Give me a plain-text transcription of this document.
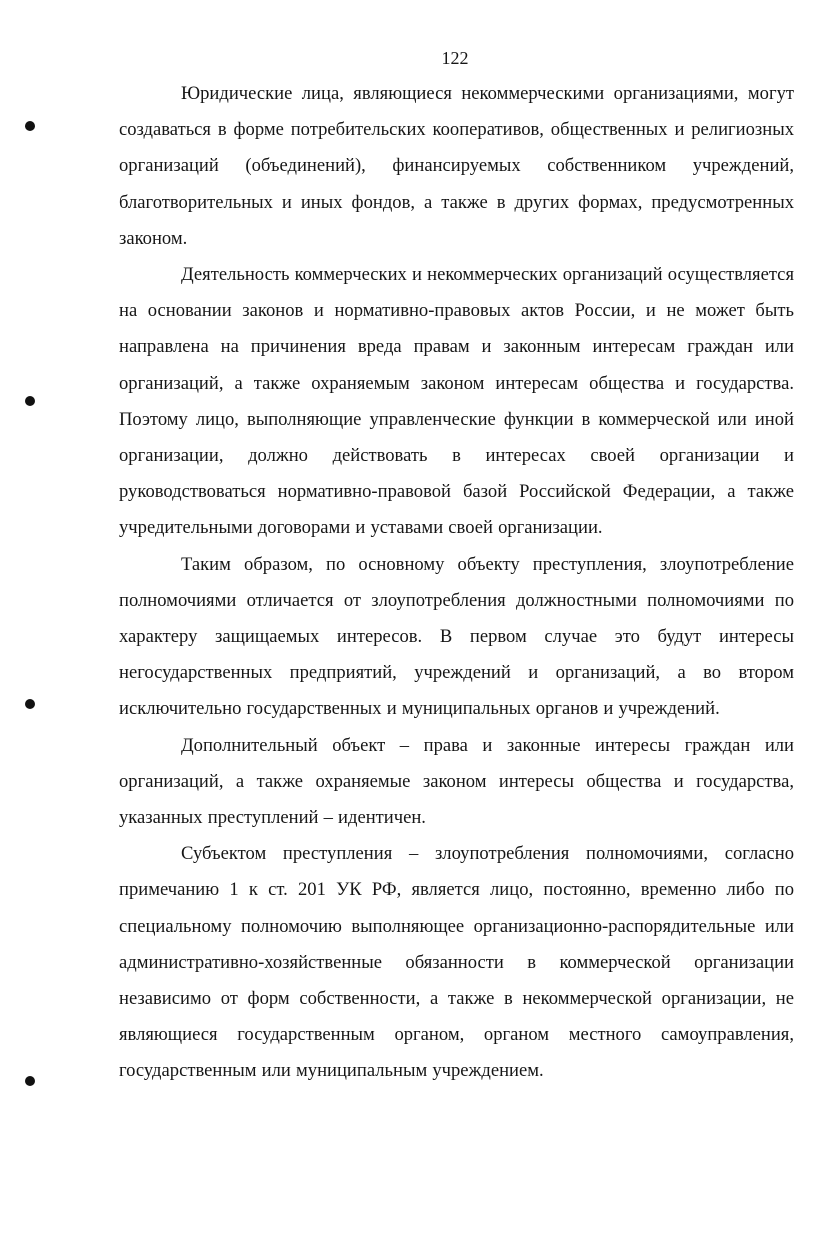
122

Юридические лица, являющиеся некоммерческими организациями, могут создаваться в форме потребительских кооперативов, общественных и религиозных организаций (объединений), финансируемых собственником учреждений, благотворительных и иных фондов, а также в других формах, предусмотренных законом.

Деятельность коммерческих и некоммерческих организаций осуществляется на основании законов и нормативно-правовых актов России, и не может быть направлена на причинения вреда правам и законным интересам граждан или организаций, а также охраняемым законом интересам общества и государства. Поэтому лицо, выполняющие управленческие функции в коммерческой или иной организации, должно действовать в интересах своей организации и руководствоваться нормативно-правовой базой Российской Федерации, а также учредительными договорами и уставами своей организации.

Таким образом, по основному объекту преступления, злоупотребление полномочиями отличается от злоупотребления должностными полномочиями по характеру защищаемых интересов. В первом случае это будут интересы негосударственных предприятий, учреждений и организаций, а во втором исключительно государственных и муниципальных органов и учреждений.

Дополнительный объект – права и законные интересы граждан или организаций, а также охраняемые законом интересы общества и государства, указанных преступлений – идентичен.

Субъектом преступления – злоупотребления полномочиями, согласно примечанию 1 к ст. 201 УК РФ, является лицо, постоянно, временно либо по специальному полномочию выполняющее организационно-распорядительные или административно-хозяйственные обязанности в коммерческой организации независимо от форм собственности, а также в некоммерческой организации, не являющиеся государственным органом, органом местного самоуправления, государственным или муниципальным учреждением.
